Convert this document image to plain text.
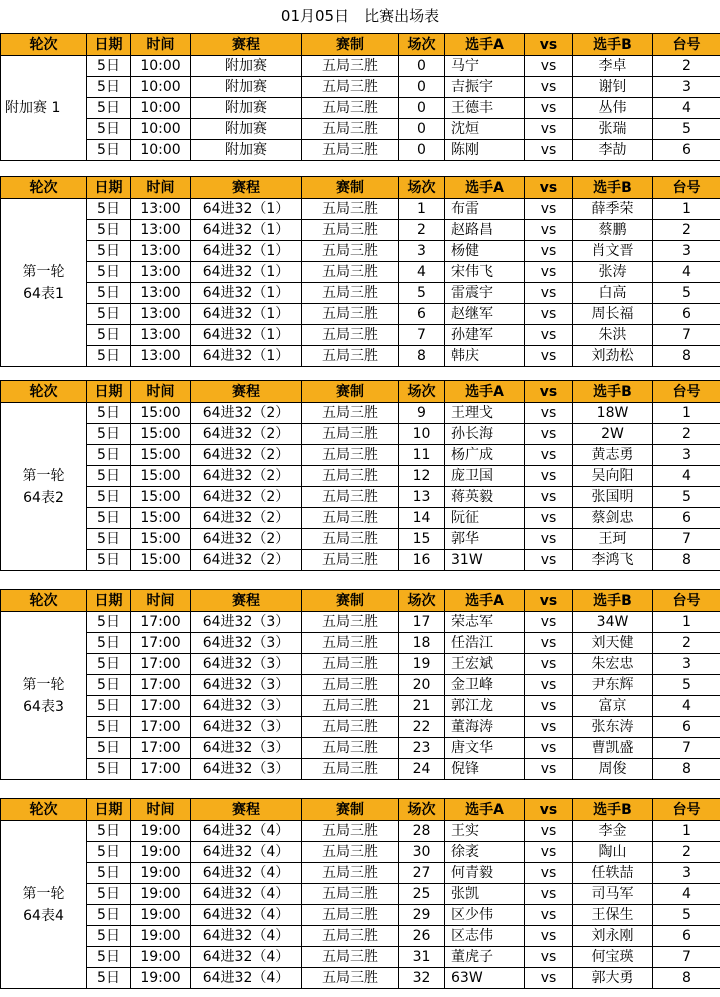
01月05日　比赛出场表
轮次	日期	时间	赛程	赛制	场次	选手A	vs	选手B	台号

附加赛 1	5日	10:00	附加赛	五局三胜	0	马宁	vs	李卓	2
	5日	10:00	附加赛	五局三胜	0	吉振宇	vs	谢钊	3
	5日	10:00	附加赛	五局三胜	0	王德丰	vs	丛伟	4
	5日	10:00	附加赛	五局三胜	0	沈烜	vs	张瑞	5
	5日	10:00	附加赛	五局三胜	0	陈刚	vs	李劼	6
轮次	日期	时间	赛程	赛制	场次	选手A	vs	选手B	台号

第一轮
64表1	5日	13:00	64进32（1）	五局三胜	1	布雷	vs	薛季荣	1
	5日	13:00	64进32（1）	五局三胜	2	赵路昌	vs	蔡鹏	2
	5日	13:00	64进32（1）	五局三胜	3	杨健	vs	肖文晋	3
	5日	13:00	64进32（1）	五局三胜	4	宋伟飞	vs	张涛	4
	5日	13:00	64进32（1）	五局三胜	5	雷震宇	vs	白高	5
	5日	13:00	64进32（1）	五局三胜	6	赵继军	vs	周长福	6
	5日	13:00	64进32（1）	五局三胜	7	孙建军	vs	朱洪	7
	5日	13:00	64进32（1）	五局三胜	8	韩庆	vs	刘劲松	8
轮次	日期	时间	赛程	赛制	场次	选手A	vs	选手B	台号

第一轮
64表2	5日	15:00	64进32（2）	五局三胜	9	王理戈	vs	18W	1
	5日	15:00	64进32（2）	五局三胜	10	孙长海	vs	2W	2
	5日	15:00	64进32（2）	五局三胜	11	杨广成	vs	黄志勇	3
	5日	15:00	64进32（2）	五局三胜	12	庞卫国	vs	吴向阳	4
	5日	15:00	64进32（2）	五局三胜	13	蒋英毅	vs	张国明	5
	5日	15:00	64进32（2）	五局三胜	14	阮征	vs	蔡剑忠	6
	5日	15:00	64进32（2）	五局三胜	15	郭华	vs	王珂	7
	5日	15:00	64进32（2）	五局三胜	16	31W	vs	李鸿飞	8
轮次	日期	时间	赛程	赛制	场次	选手A	vs	选手B	台号

第一轮
64表3	5日	17:00	64进32（3）	五局三胜	17	荣志军	vs	34W	1
	5日	17:00	64进32（3）	五局三胜	18	任浩江	vs	刘天健	2
	5日	17:00	64进32（3）	五局三胜	19	王宏斌	vs	朱宏忠	3
	5日	17:00	64进32（3）	五局三胜	20	金卫峰	vs	尹东辉	5
	5日	17:00	64进32（3）	五局三胜	21	郭江龙	vs	富京	4
	5日	17:00	64进32（3）	五局三胜	22	董海涛	vs	张东涛	6
	5日	17:00	64进32（3）	五局三胜	23	唐文华	vs	曹凯盛	7
	5日	17:00	64进32（3）	五局三胜	24	倪锋	vs	周俊	8
轮次	日期	时间	赛程	赛制	场次	选手A	vs	选手B	台号

第一轮
64表4	5日	19:00	64进32（4）	五局三胜	28	王实	vs	李金	1
	5日	19:00	64进32（4）	五局三胜	30	徐袤	vs	陶山	2
	5日	19:00	64进32（4）	五局三胜	27	何青毅	vs	任轶喆	3
	5日	19:00	64进32（4）	五局三胜	25	张凯	vs	司马军	4
	5日	19:00	64进32（4）	五局三胜	29	区少伟	vs	王保生	5
	5日	19:00	64进32（4）	五局三胜	26	区志伟	vs	刘永刚	6
	5日	19:00	64进32（4）	五局三胜	31	董虎子	vs	何宝瑛	7
	5日	19:00	64进32（4）	五局三胜	32	63W	vs	郭大勇	8
